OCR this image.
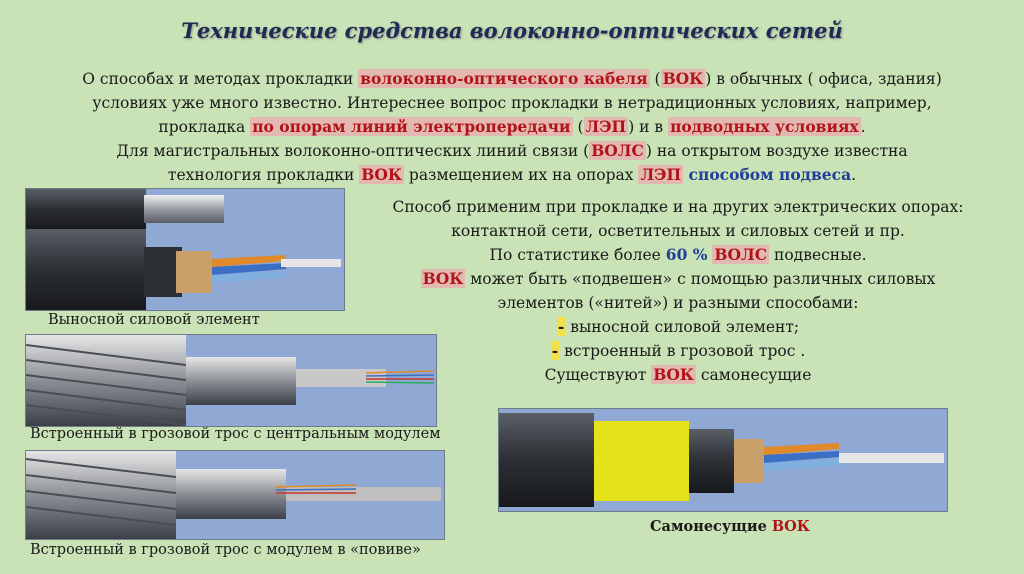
Технические средства волоконно-оптических сетей
О способах и методах прокладки волоконно-оптического кабеля ( ВОК ) в обычных ( офиса, здания)
условиях уже много известно. Интереснее вопрос прокладки в нетрадиционных условиях, например,
прокладка по опорам линий электропередачи ( ЛЭП ) и в подводных условиях .
Для магистральных волоконно-оптических линий связи ( ВОЛС ) на открытом воздухе известна
технология прокладки ВОК размещением их на опорах ЛЭП способом подвеса.
Способ применим при прокладке и на других электрических опорах:
контактной сети, осветительных и силовых сетей и пр.
По статистике более 60 % ВОЛС подвесные.
ВОК может быть «подвешен» с помощью различных силовых
элементов («нитей») и разными способами:
- выносной силовой элемент;
- встроенный в грозовой трос .
Существуют ВОК самонесущие
Выносной силовой элемент
Встроенный в грозовой трос с центральным модулем
Встроенный в грозовой трос с модулем в «повиве»
Самонесущие ВОК
